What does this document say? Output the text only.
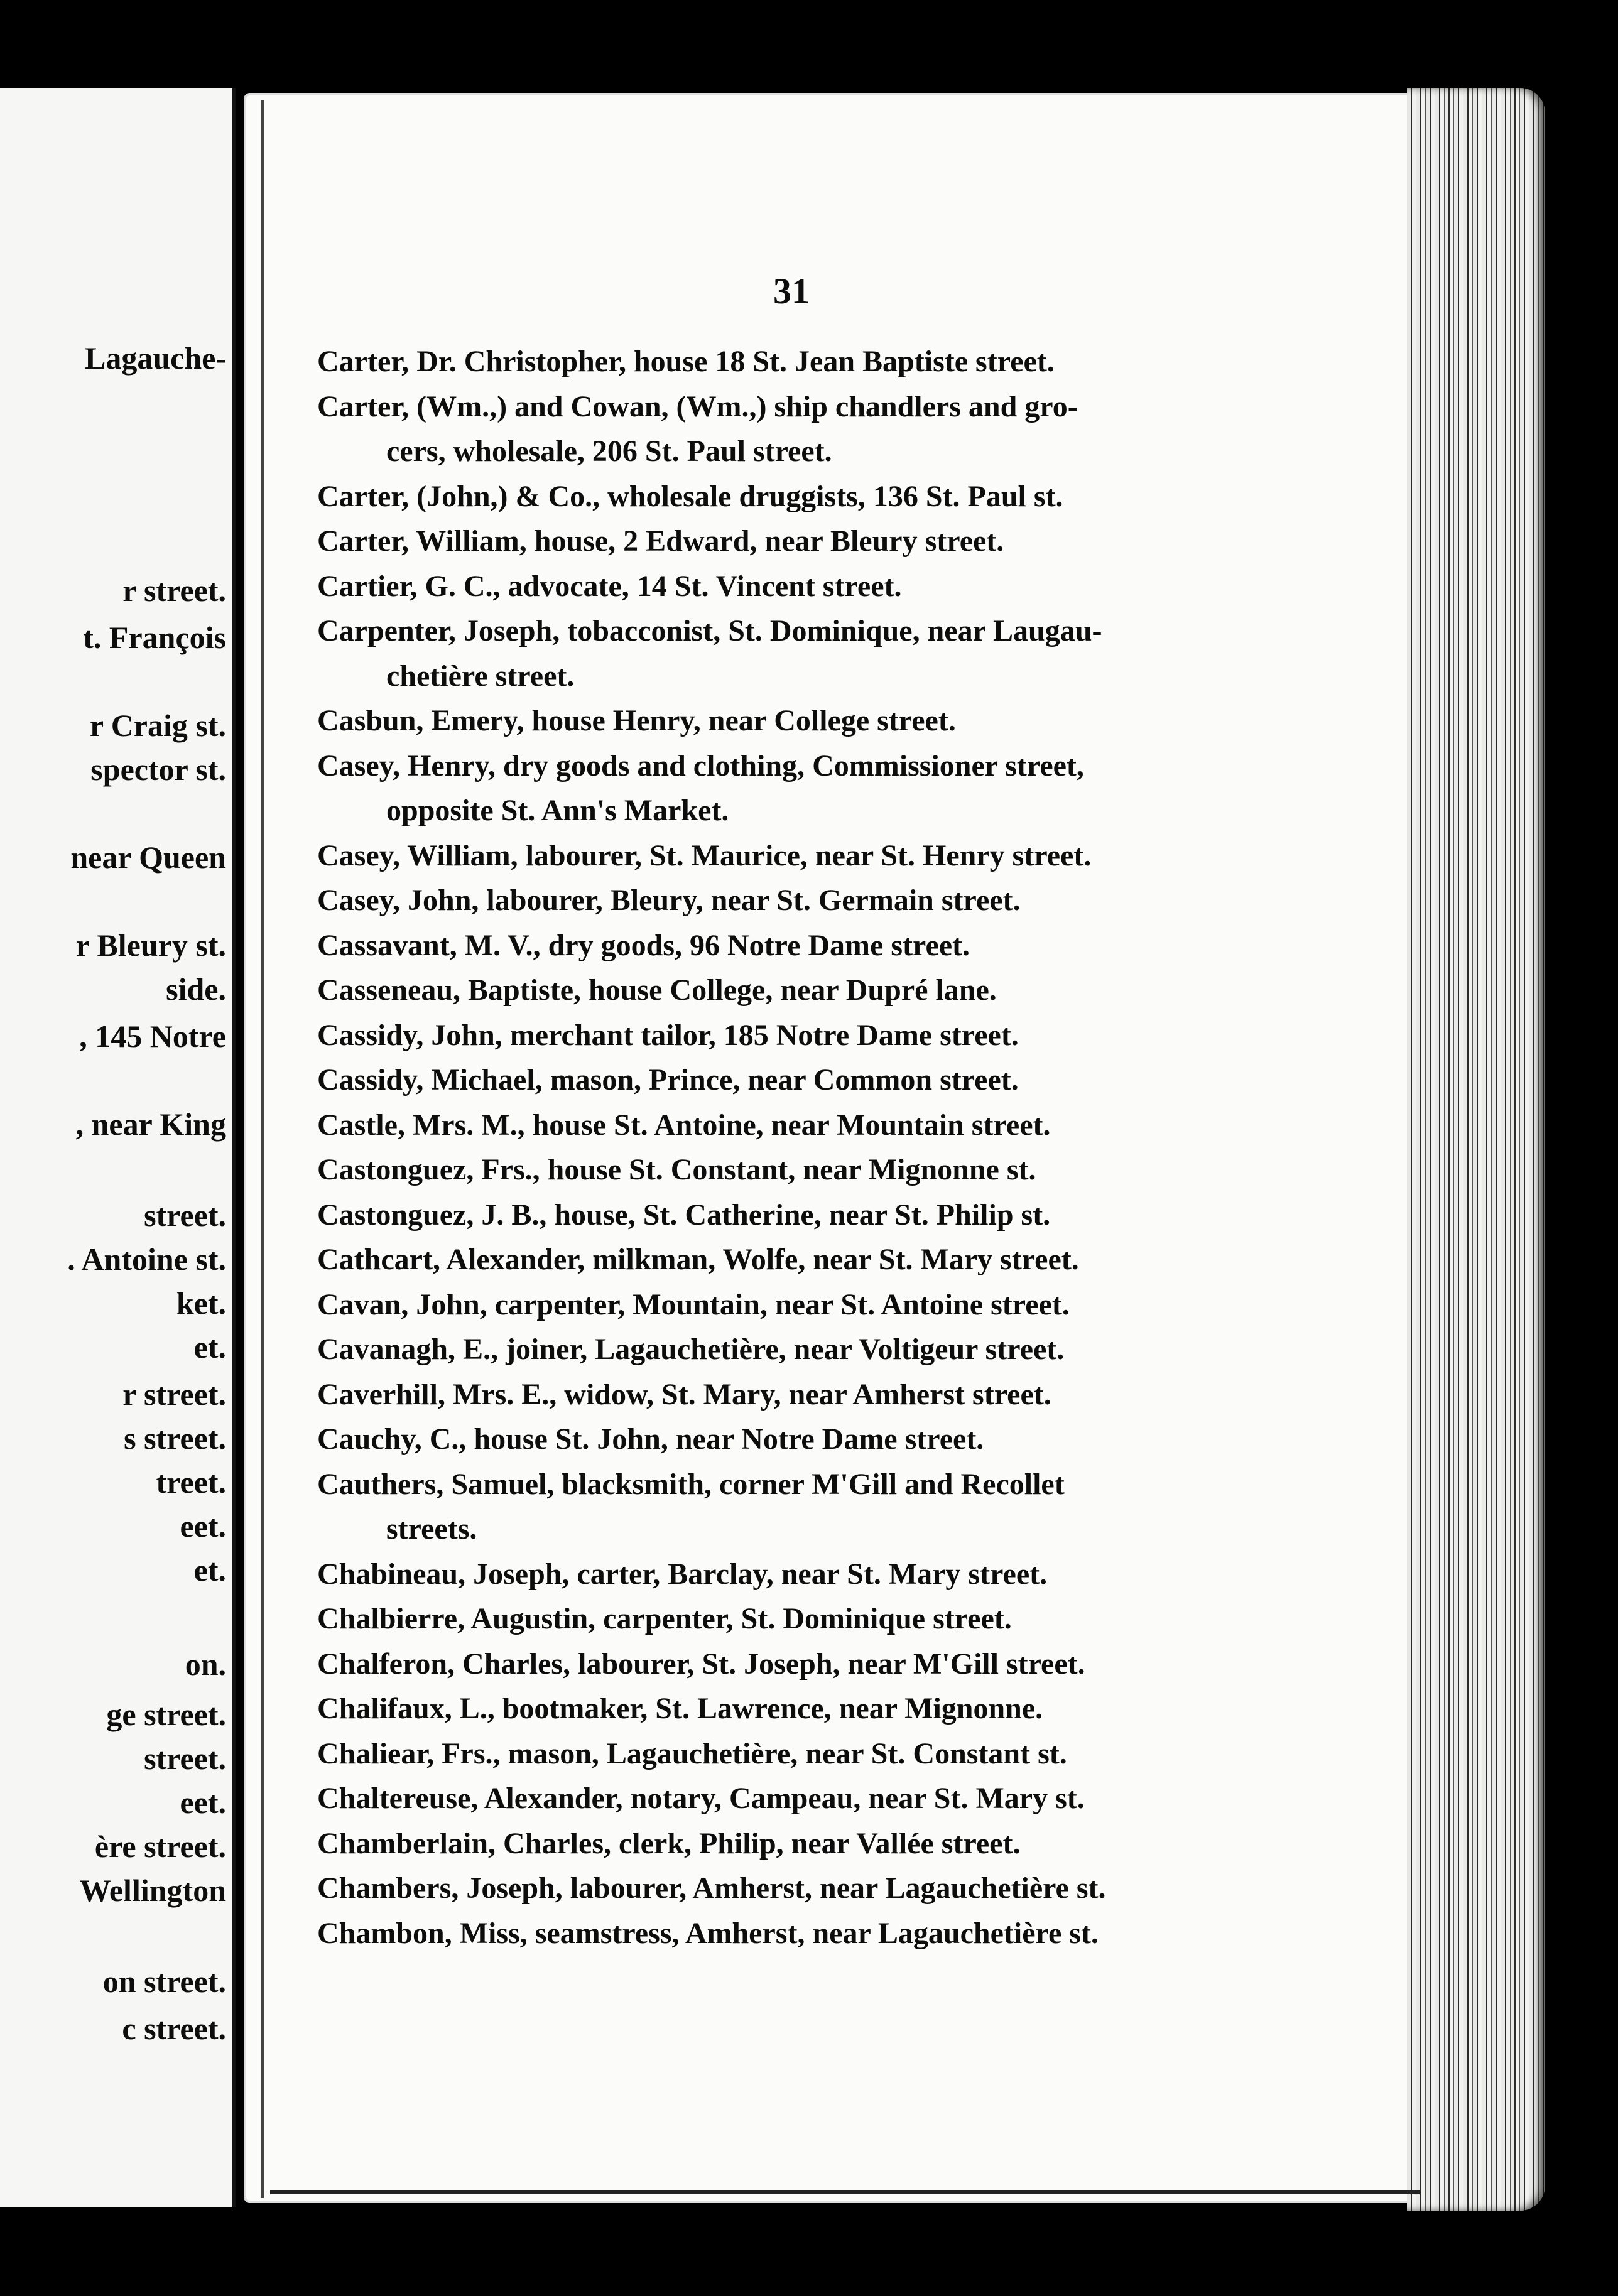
Lagauche-
r street.
t. François
r Craig st.
spector st.
near Queen
r Bleury st.
side.
, 145 Notre
, near King
street.
. Antoine st.
ket.
et.
r street.
s street.
treet.
eet.
et.
on.
ge street.
street.
eet.
ère street.
Wellington
on street.
c street.
31
Carter, Dr. Christopher, house 18 St. Jean Baptiste street.
Carter, (Wm.,) and Cowan, (Wm.,) ship chandlers and gro-
cers, wholesale, 206 St. Paul street.
Carter, (John,) & Co., wholesale druggists, 136 St. Paul st.
Carter, William, house, 2 Edward, near Bleury street.
Cartier, G. C., advocate, 14 St. Vincent street.
Carpenter, Joseph, tobacconist, St. Dominique, near Laugau-
chetière street.
Casbun, Emery, house Henry, near College street.
Casey, Henry, dry goods and clothing, Commissioner street,
opposite St. Ann's Market.
Casey, William, labourer, St. Maurice, near St. Henry street.
Casey, John, labourer, Bleury, near St. Germain street.
Cassavant, M. V., dry goods, 96 Notre Dame street.
Casseneau, Baptiste, house College, near Dupré lane.
Cassidy, John, merchant tailor, 185 Notre Dame street.
Cassidy, Michael, mason, Prince, near Common street.
Castle, Mrs. M., house St. Antoine, near Mountain street.
Castonguez, Frs., house St. Constant, near Mignonne st.
Castonguez, J. B., house, St. Catherine, near St. Philip st.
Cathcart, Alexander, milkman, Wolfe, near St. Mary street.
Cavan, John, carpenter, Mountain, near St. Antoine street.
Cavanagh, E., joiner, Lagauchetière, near Voltigeur street.
Caverhill, Mrs. E., widow, St. Mary, near Amherst street.
Cauchy, C., house St. John, near Notre Dame street.
Cauthers, Samuel, blacksmith, corner M'Gill and Recollet
streets.
Chabineau, Joseph, carter, Barclay, near St. Mary street.
Chalbierre, Augustin, carpenter, St. Dominique street.
Chalferon, Charles, labourer, St. Joseph, near M'Gill street.
Chalifaux, L., bootmaker, St. Lawrence, near Mignonne.
Chaliear, Frs., mason, Lagauchetière, near St. Constant st.
Chaltereuse, Alexander, notary, Campeau, near St. Mary st.
Chamberlain, Charles, clerk, Philip, near Vallée street.
Chambers, Joseph, labourer, Amherst, near Lagauchetière st.
Chambon, Miss, seamstress, Amherst, near Lagauchetière st.
